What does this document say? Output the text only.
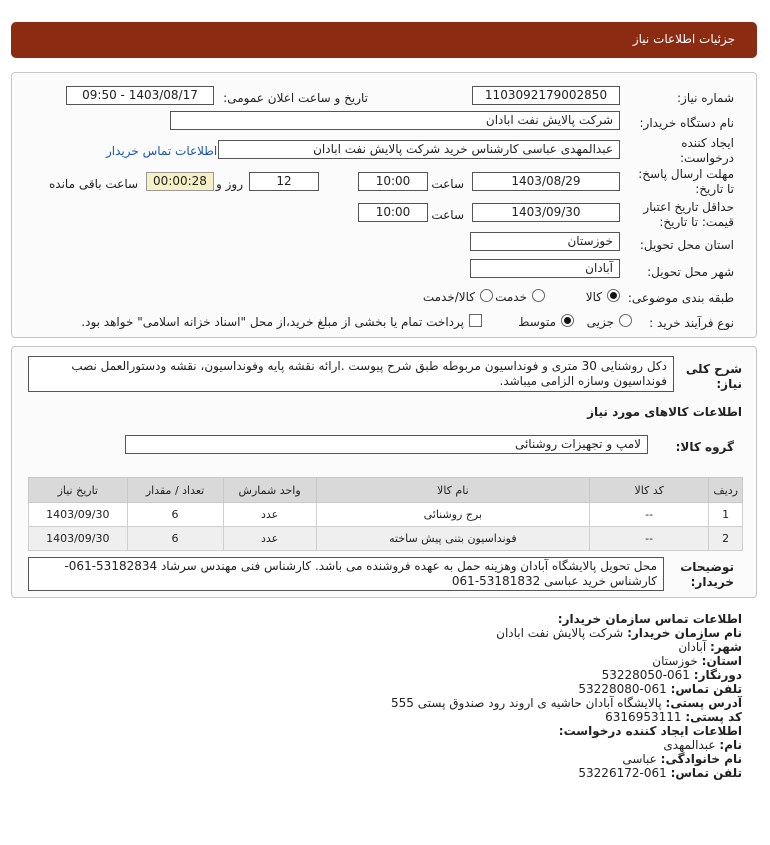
جزئیات اطلاعات نیاز
شماره نیاز:
1103092179002850
تاریخ و ساعت اعلان عمومی:
1403/08/17 - 09:50
نام دستگاه خریدار:
شرکت پالایش نفت ابادان
ایجاد کننده درخواست:
عبدالمهدی عباسی کارشناس خرید شرکت پالایش نفت ابادان
اطلاعات تماس خریدار
مهلت ارسال پاسخ: تا تاریخ:
1403/08/29
ساعت
10:00
12
روز و
00:00:28
ساعت باقی مانده
حداقل تاریخ اعتبار قیمت: تا تاریخ:
1403/09/30
ساعت
10:00
استان محل تحویل:
خوزستان
شهر محل تحویل:
آبادان
طبقه بندی موضوعی:
کالا
خدمت
کالا/خدمت
نوع فرآیند خرید :
جزیی
متوسط
پرداخت تمام یا بخشی از مبلغ خرید،از محل "اسناد خزانه اسلامی" خواهد بود.
شرح کلی نیاز:
دکل روشنایی 30 متری و فونداسیون مربوطه طبق شرح پیوست .ارائه نقشه پایه وفونداسیون، نقشه ودستورالعمل نصب فونداسیون وسازه الزامی میباشد.
اطلاعات کالاهای مورد نیاز
گروه کالا:
لامپ و تجهیزات روشنائی
ردیف	کد کالا	نام کالا	واحد شمارش	تعداد / مقدار	تاریخ نیاز
1	--	برج روشنائی	عدد	6	1403/09/30
2	--	فونداسیون بتنی پیش ساخته	عدد	6	1403/09/30
توضیحات خریدار:
محل تحویل پالایشگاه آبادان وهزینه حمل به عهده فروشنده می باشد. کارشناس فنی مهندس سرشاد 53182834-061- کارشناس خرید عباسی 53181832-061
اطلاعات تماس سازمان خریدار:
نام سازمان خریدار: شرکت پالایش نفت ابادان
شهر: آبادان
استان: خوزستان
دورنگار: 061-53228050
تلفن تماس: 061-53228080
آدرس پستی: پالایشگاه آبادان حاشیه ی اروند رود صندوق پستی 555
کد پستی: 6316953111
اطلاعات ایجاد کننده درخواست:
نام: عبدالمهدی
نام خانوادگی: عباسی
تلفن تماس: 061-53226172
